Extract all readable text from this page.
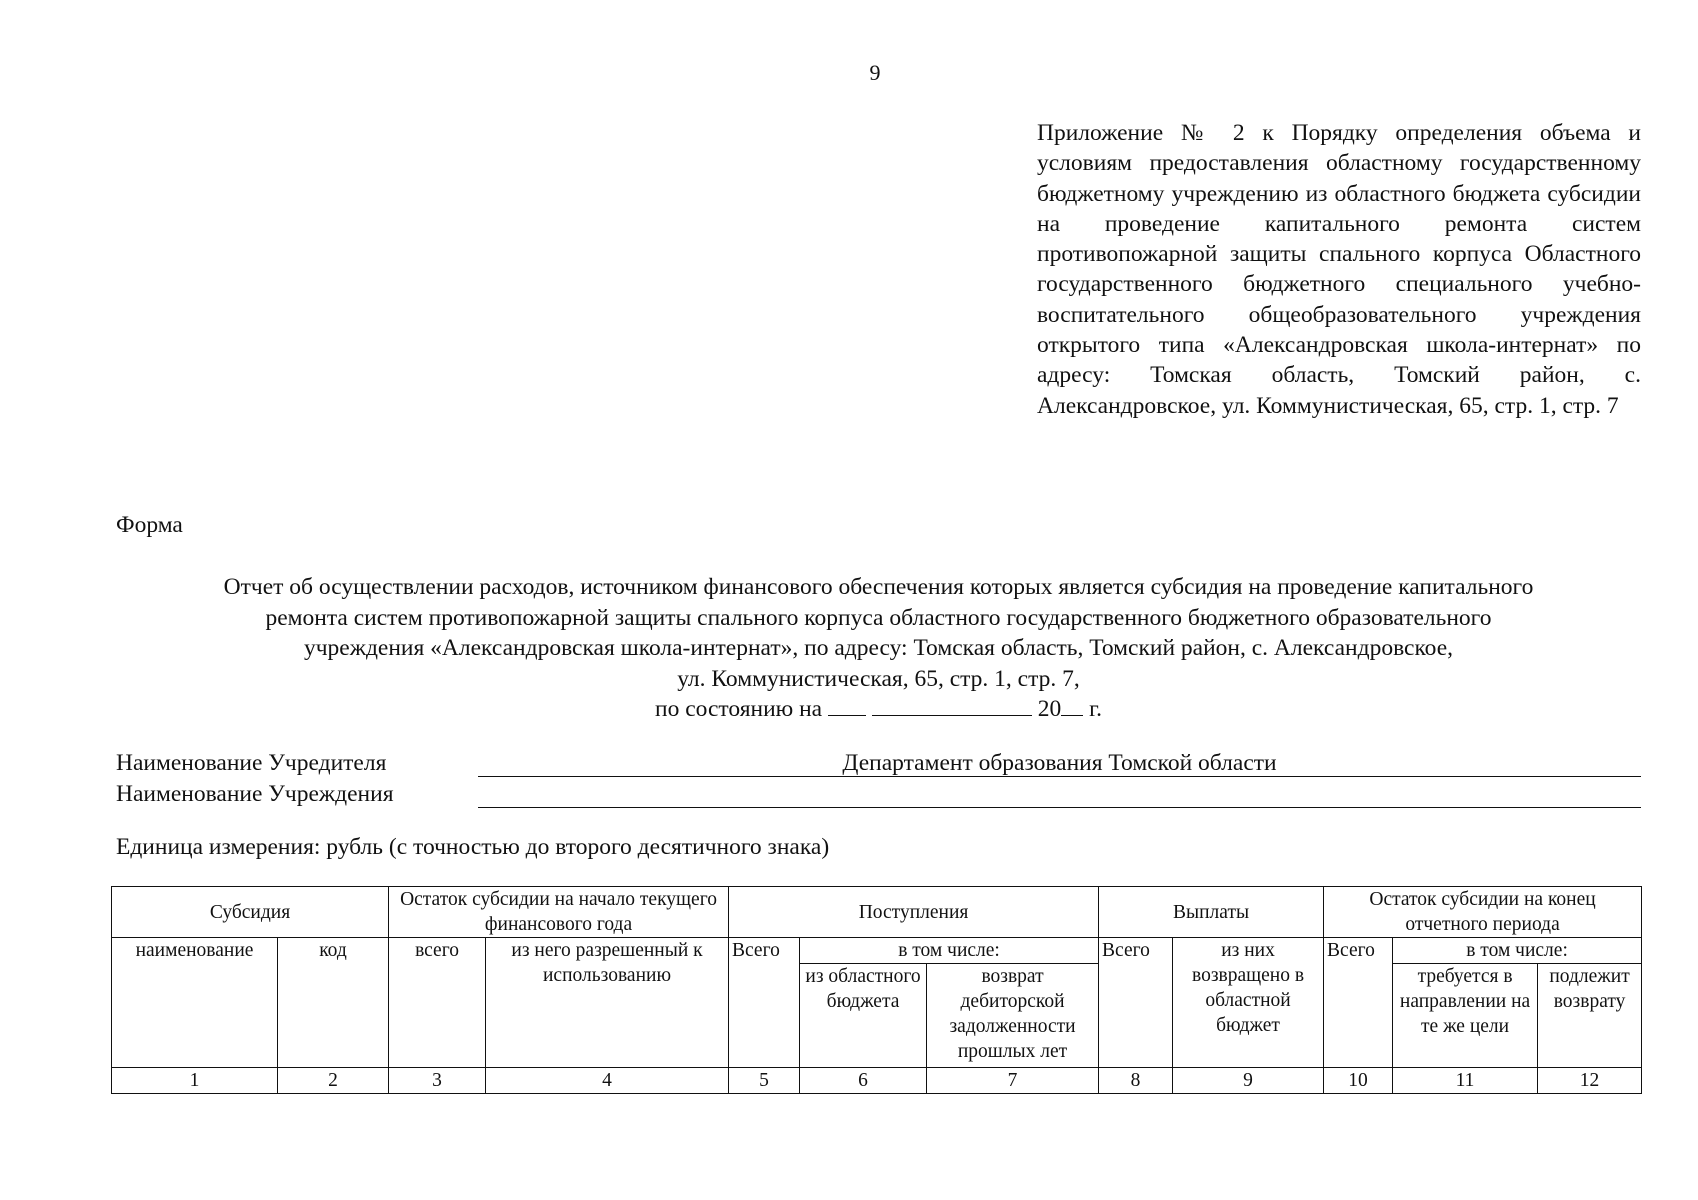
9
Приложение № 2 к Порядку определения объема и условиям предоставления областному государственному бюджетному учреждению из областного бюджета субсидии на проведение капитального ремонта систем противопожарной защиты спального корпуса Областного государственного бюджетного специального учебно-воспитательного общеобразовательного учреждения открытого типа «Александровская школа-интернат» по адресу: Томская область, Томский район, с. Александровское, ул. Коммунистическая, 65, стр. 1, стр. 7
Форма
Отчет об осуществлении расходов, источником финансового обеспечения которых является субсидия на проведение капитального
ремонта систем противопожарной защиты спального корпуса областного государственного бюджетного образовательного
учреждения «Александровская школа-интернат», по адресу: Томская область, Томский район, с. Александровское,
ул. Коммунистическая, 65, стр. 1, стр. 7,
по состоянию на	20 г.
Наименование Учредителя	Департамент образования Томской области
Наименование Учреждения
Единица измерения: рубль (с точностью до второго десятичного знака)
Субсидия		Остаток субсидии на начало текущего финансового года		Поступления			Выплаты		Остаток субсидии на конец отчетного периода		
наименование	код	всего	из него разрешенный к использованию	Всего	в том числе:		Всего	из них возвращено в областной бюджет	Всего	в том числе:	
					из областного бюджета	возврат дебиторской задолженности прошлых лет				требуется в направлении на те же цели	подлежит возврату
1	2	3	4	5	6	7	8	9	10	11	12
